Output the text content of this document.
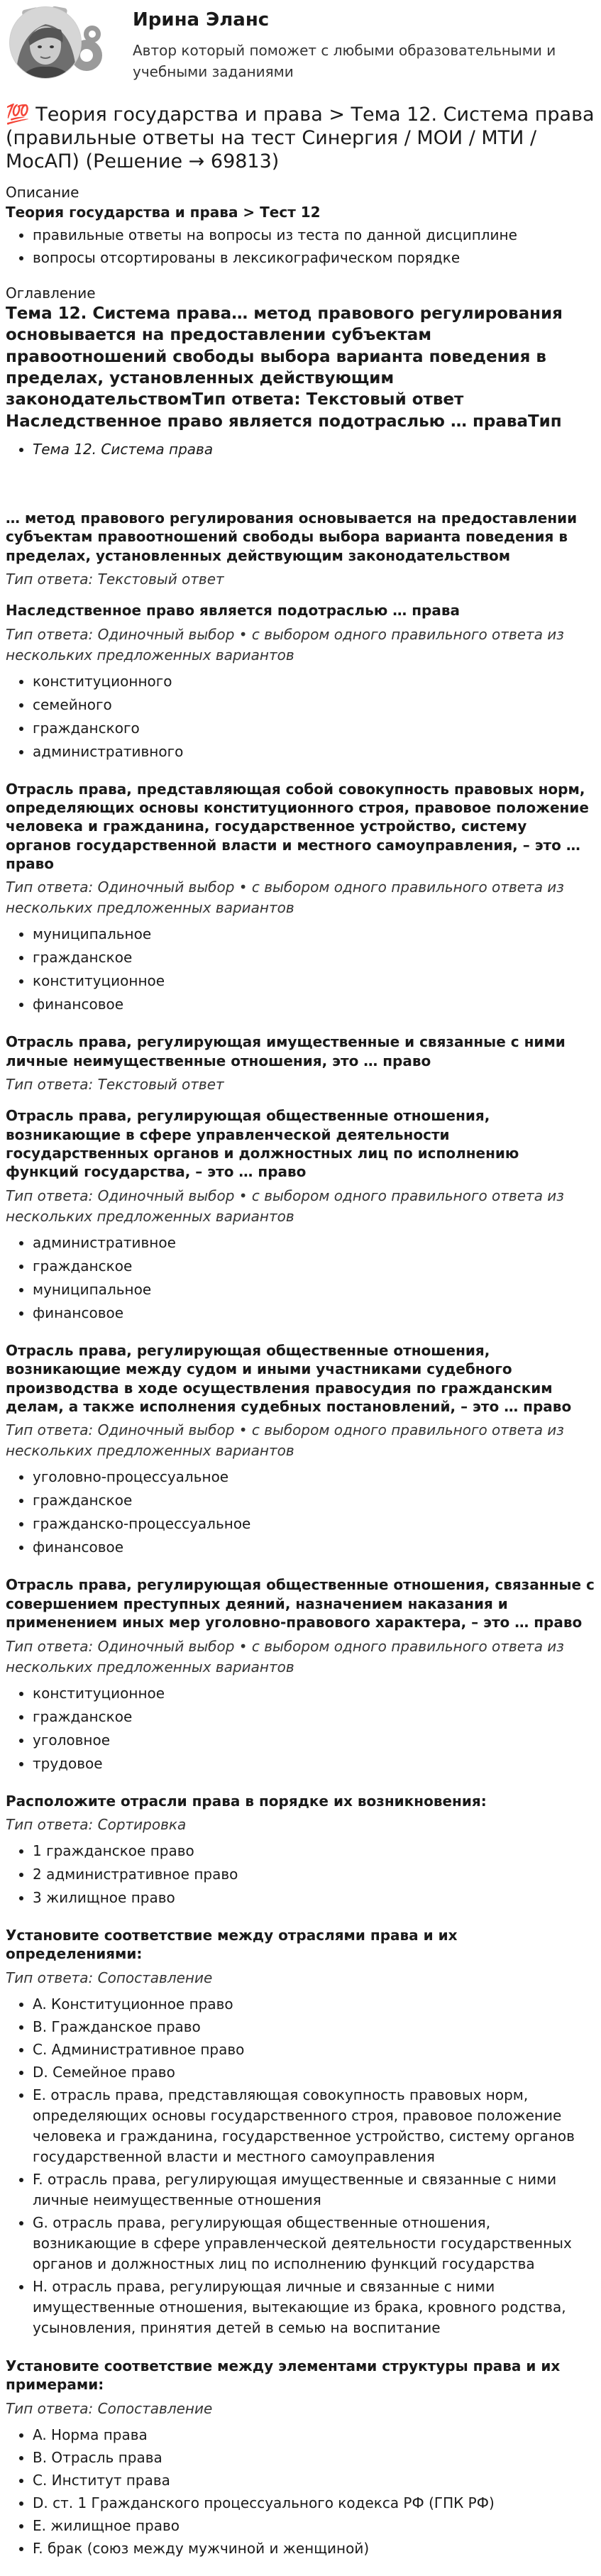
Ирина Эланс
Автор который поможет с любыми образовательными и учебными заданиями
💯 Теория государства и права > Тема 12. Система права (правильные ответы на тест Синергия / МОИ / МТИ / МосАП) (Решение → 69813)

Описание

Теория государства и права > Тест 12

• правильные ответы на вопросы из теста по данной дисциплине
• вопросы отсортированы в лексикографическом порядке

Оглавление

Тема 12. Система права… метод правового регулирования основывается на предоставлении субъектам правоотношений свободы выбора варианта поведения в пределах, установленных действующим законодательствомТип ответа: Текстовый ответ Наследственное право является подотраслью … праваТип

• Тема 12. Система права

… метод правового регулирования основывается на предоставлении субъектам правоотношений свободы выбора варианта поведения в пределах, установленных действующим законодательством

Тип ответа: Текстовый ответ

Наследственное право является подотраслью … права

Тип ответа: Одиночный выбор • с выбором одного правильного ответа из нескольких предложенных вариантов

• конституционного
• семейного
• гражданского
• административного

Отрасль права, представляющая собой совокупность правовых норм, определяющих основы конституционного строя, правовое положение человека и гражданина, государственное устройство, систему органов государственной власти и местного самоуправления, – это … право

Тип ответа: Одиночный выбор • с выбором одного правильного ответа из нескольких предложенных вариантов

• муниципальное
• гражданское
• конституционное
• финансовое

Отрасль права, регулирующая имущественные и связанные с ними личные неимущественные отношения, это … право

Тип ответа: Текстовый ответ

Отрасль права, регулирующая общественные отношения, возникающие в сфере управленческой деятельности государственных органов и должностных лиц по исполнению функций государства, – это … право

Тип ответа: Одиночный выбор • с выбором одного правильного ответа из нескольких предложенных вариантов

• административное
• гражданское
• муниципальное
• финансовое

Отрасль права, регулирующая общественные отношения, возникающие между судом и иными участниками судебного производства в ходе осуществления правосудия по гражданским делам, а также исполнения судебных постановлений, – это … право

Тип ответа: Одиночный выбор • с выбором одного правильного ответа из нескольких предложенных вариантов

• уголовно-процессуальное
• гражданское
• гражданско-процессуальное
• финансовое

Отрасль права, регулирующая общественные отношения, связанные с совершением преступных деяний, назначением наказания и применением иных мер уголовно-правового характера, – это … право

Тип ответа: Одиночный выбор • с выбором одного правильного ответа из нескольких предложенных вариантов

• конституционное
• гражданское
• уголовное
• трудовое

Расположите отрасли права в порядке их возникновения:

Тип ответа: Сортировка

• 1 гражданское право
• 2 административное право
• 3 жилищное право

Установите соответствие между отраслями права и их определениями:

Тип ответа: Сопоставление

• A. Конституционное право
• B. Гражданское право
• C. Административное право
• D. Семейное право
• E. отрасль права, представляющая совокупность правовых норм, определяющих основы государственного строя, правовое положение человека и гражданина, государственное устройство, систему органов государственной власти и местного самоуправления
• F. отрасль права, регулирующая имущественные и связанные с ними личные неимущественные отношения
• G. отрасль права, регулирующая общественные отношения, возникающие в сфере управленческой деятельности государственных органов и должностных лиц по исполнению функций государства
• H. отрасль права, регулирующая личные и связанные с ними имущественные отношения, вытекающие из брака, кровного родства, усыновления, принятия детей в семью на воспитание

Установите соответствие между элементами структуры права и их примерами:

Тип ответа: Сопоставление

• A. Норма права
• B. Отрасль права
• C. Институт права
• D. ст. 1 Гражданского процессуального кодекса РФ (ГПК РФ)
• E. жилищное право
• F. брак (союз между мужчиной и женщиной)
